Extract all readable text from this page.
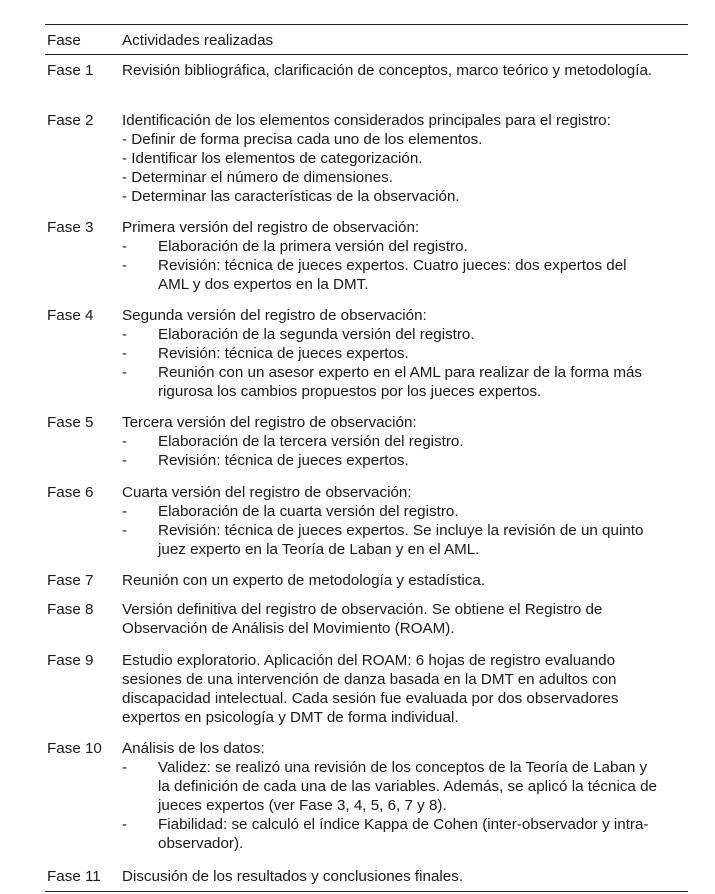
Fase	Actividades realizadas
Fase 1 Revisión bibliográfica, clarificación de conceptos, marco teórico y metodología.
Fase 2 Identificación de los elementos considerados principales para el registro:
- Definir de forma precisa cada uno de los elementos.
- Identificar los elementos de categorización.
- Determinar el número de dimensiones.
- Determinar las características de la observación.
Fase 3 Primera versión del registro de observación:
- Elaboración de la primera versión del registro.
- Revisión: técnica de jueces expertos. Cuatro jueces: dos expertos del
AML y dos expertos en la DMT.
Fase 4 Segunda versión del registro de observación:
- Elaboración de la segunda versión del registro.
- Revisión: técnica de jueces expertos.
- Reunión con un asesor experto en el AML para realizar de la forma más
rigurosa los cambios propuestos por los jueces expertos.
Fase 5 Tercera versión del registro de observación:
- Elaboración de la tercera versión del registro.
- Revisión: técnica de jueces expertos.
Fase 6 Cuarta versión del registro de observación:
- Elaboración de la cuarta versión del registro.
- Revisión: técnica de jueces expertos. Se incluye la revisión de un quinto
juez experto en la Teoría de Laban y en el AML.
Fase 7 Reunión con un experto de metodología y estadística.
Fase 8 Versión definitiva del registro de observación. Se obtiene el Registro de
Observación de Análisis del Movimiento (ROAM).
Fase 9 Estudio exploratorio. Aplicación del ROAM: 6 hojas de registro evaluando
sesiones de una intervención de danza basada en la DMT en adultos con
discapacidad intelectual. Cada sesión fue evaluada por dos observadores
expertos en psicología y DMT de forma individual.
Fase 10 Análisis de los datos:
- Validez: se realizó una revisión de los conceptos de la Teoría de Laban y
la definición de cada una de las variables. Además, se aplicó la técnica de
jueces expertos (ver Fase 3, 4, 5, 6, 7 y 8).
- Fiabilidad: se calculó el índice Kappa de Cohen (inter-observador y intra-
observador).
Fase 11 Discusión de los resultados y conclusiones finales.
